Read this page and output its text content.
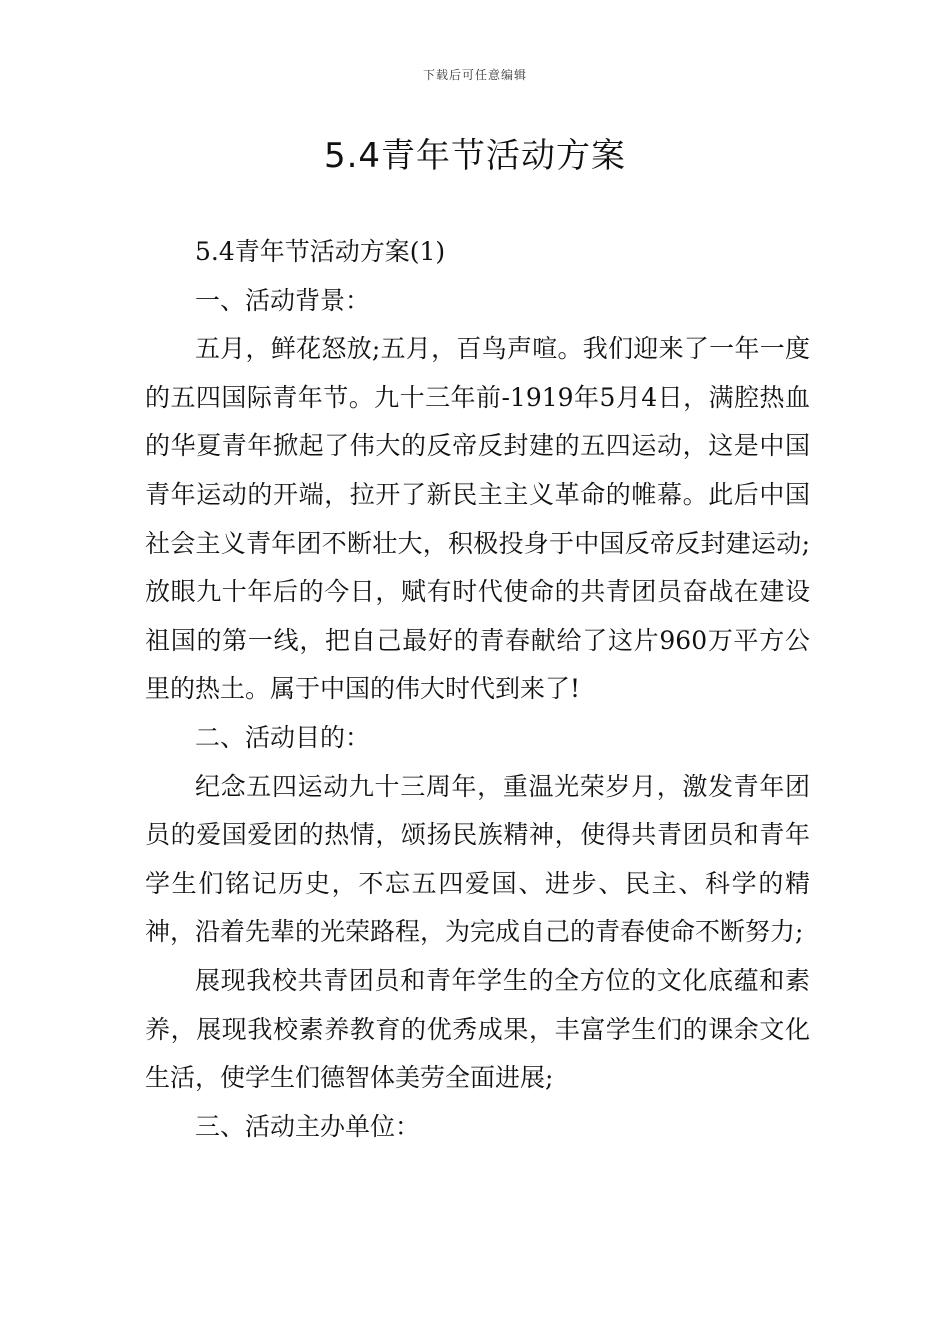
下载后可任意编辑
5.4青年节活动方案

5.4青年节活动方案(1)

一、活动背景：

五月，鲜花怒放;五月，百鸟声喧。我们迎来了一年一度的五四国际青年节。九十三年前-1919年5月4日，满腔热血的华夏青年掀起了伟大的反帝反封建的五四运动，这是中国青年运动的开端，拉开了新民主主义革命的帷幕。此后中国社会主义青年团不断壮大，积极投身于中国反帝反封建运动;放眼九十年后的今日，赋有时代使命的共青团员奋战在建设祖国的第一线，把自己最好的青春献给了这片960万平方公里的热土。属于中国的伟大时代到来了!

二、活动目的：

纪念五四运动九十三周年，重温光荣岁月，激发青年团员的爱国爱团的热情，颂扬民族精神，使得共青团员和青年学生们铭记历史，不忘五四爱国、进步、民主、科学的精神，沿着先辈的光荣路程，为完成自己的青春使命不断努力;

展现我校共青团员和青年学生的全方位的文化底蕴和素养，展现我校素养教育的优秀成果，丰富学生们的课余文化生活，使学生们德智体美劳全面进展;

三、活动主办单位：
